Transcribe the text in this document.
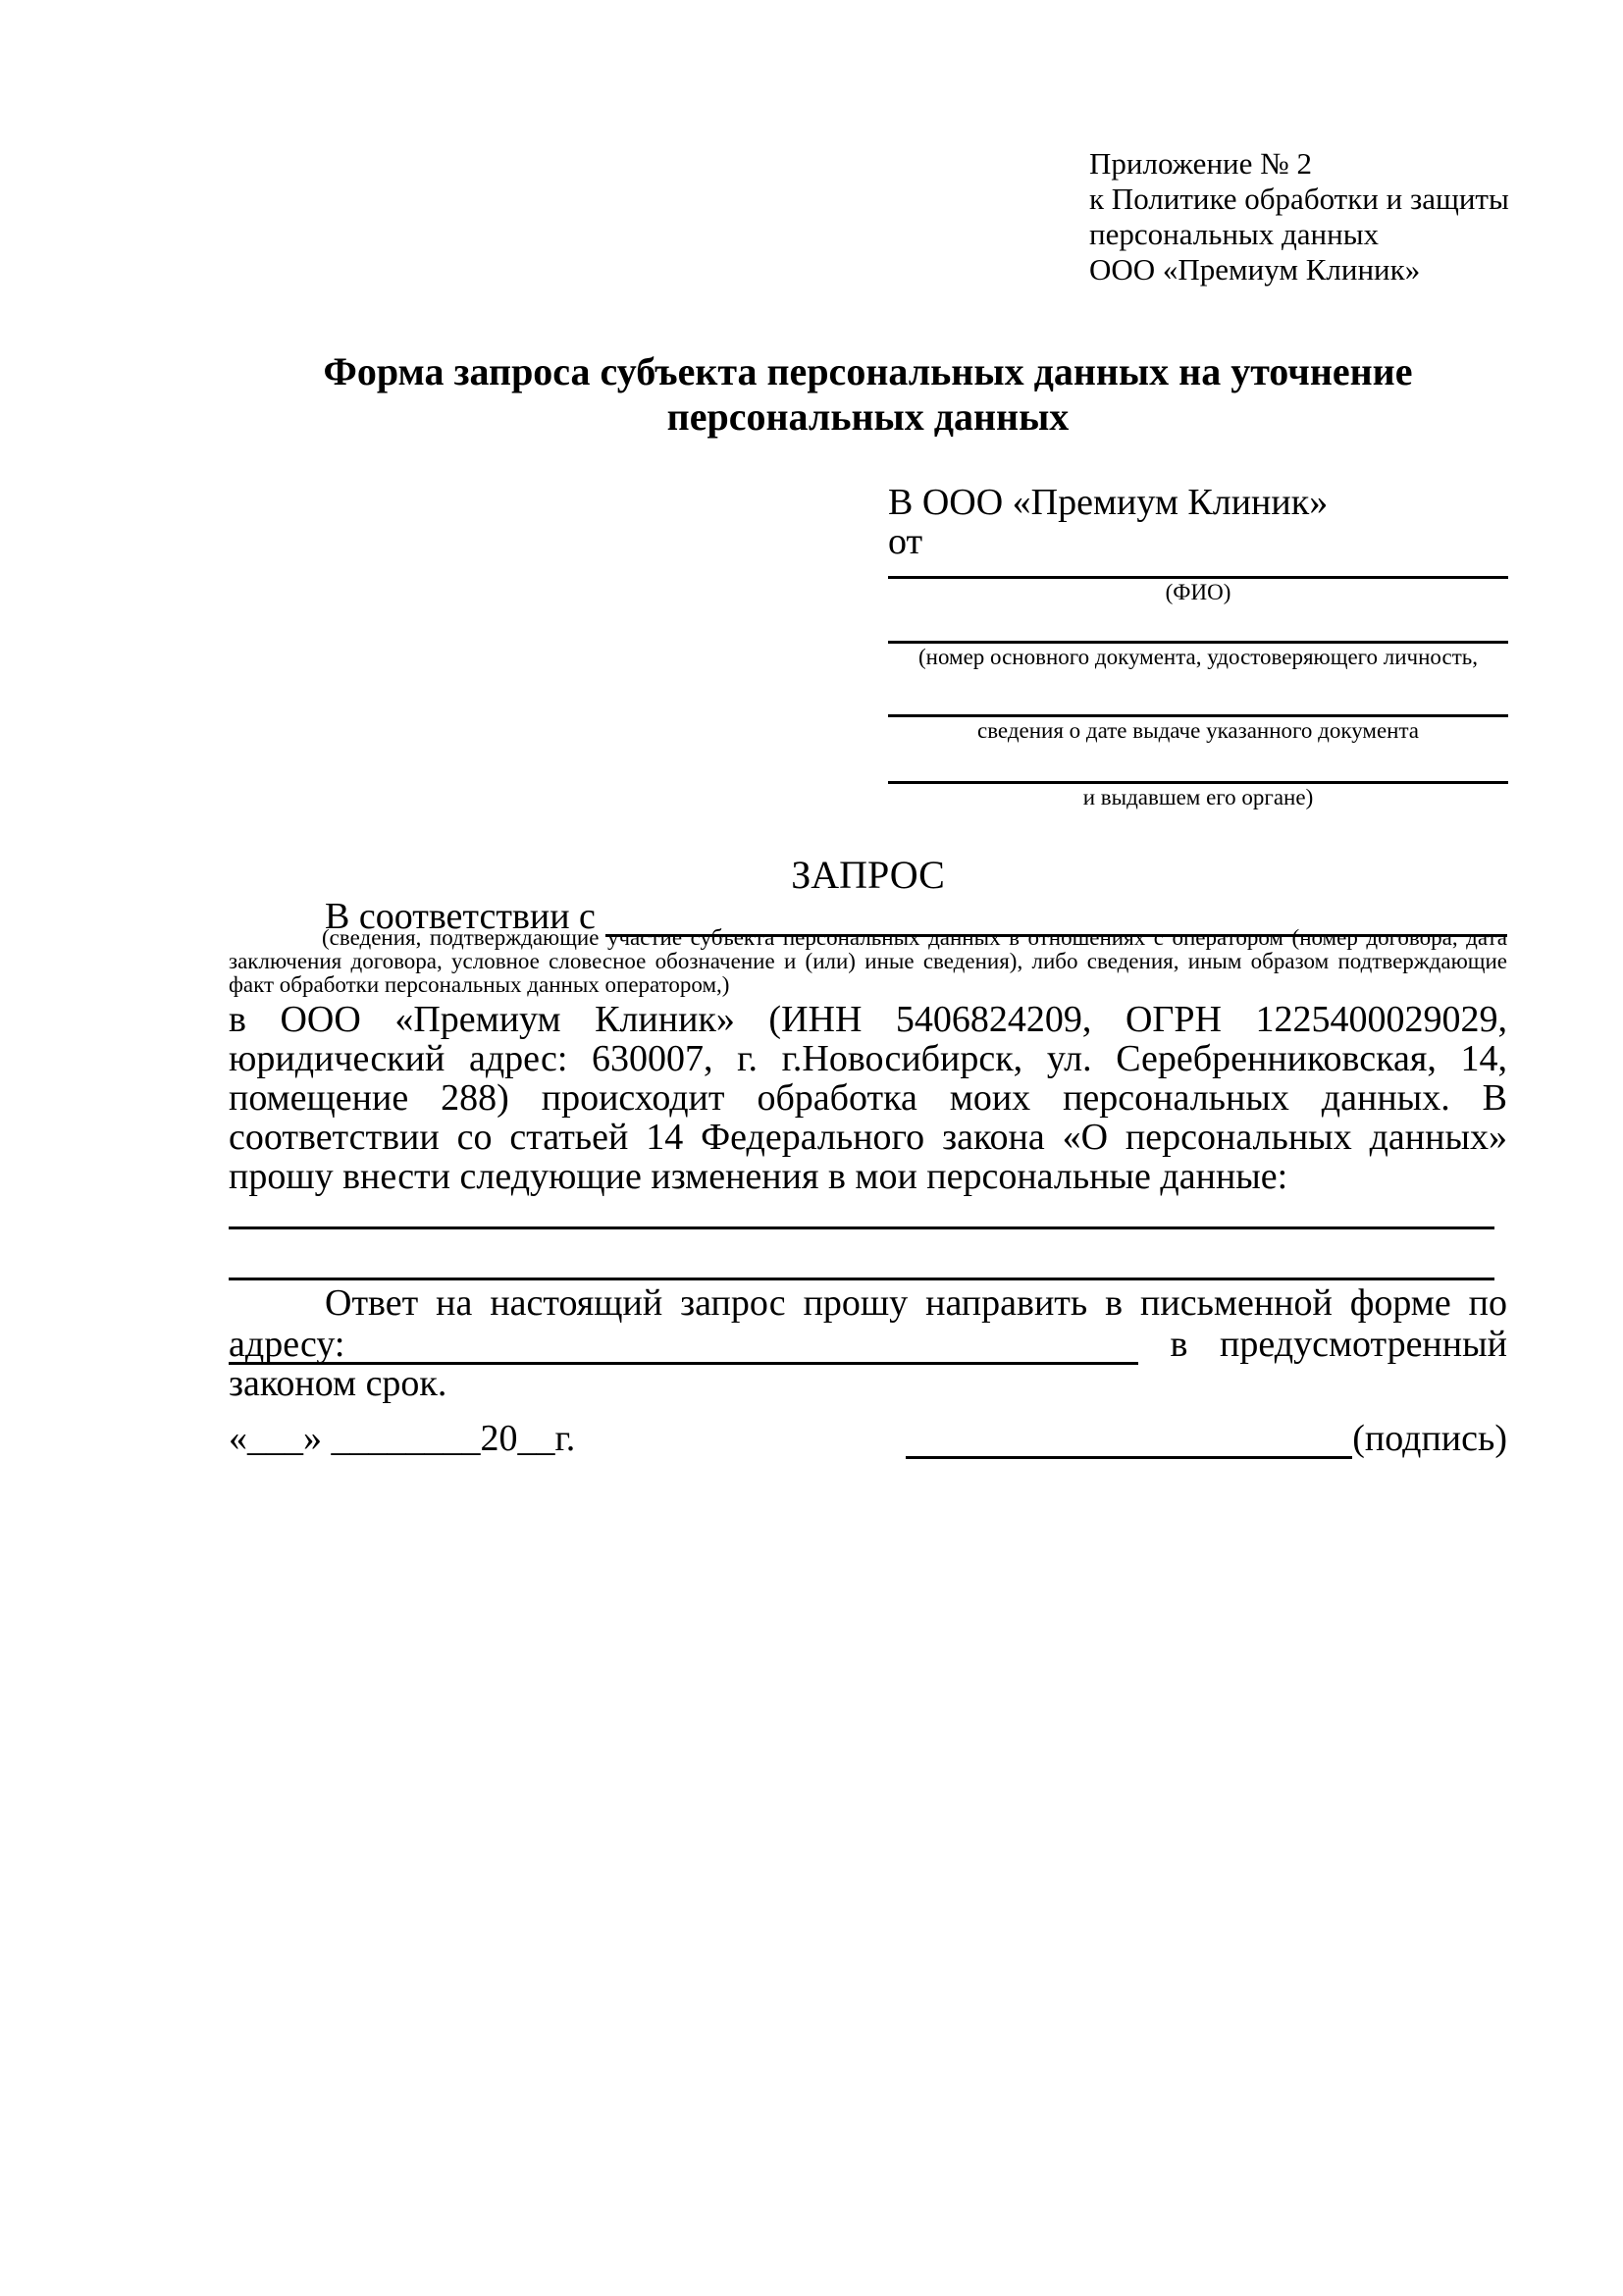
Приложение № 2
к Политике обработки и защиты
персональных данных
ООО «Премиум Клиник»
Форма запроса субъекта персональных данных на уточнение персональных данных
В ООО «Премиум Клиник»
от
(ФИО)
(номер основного документа, удостоверяющего личность,
сведения о дате выдаче указанного документа
и выдавшем его органе)
ЗАПРОС
В соответствии с
(сведения, подтверждающие участие субъекта персональных данных в отношениях с оператором (номер договора, дата заключения договора, условное словесное обозначение и (или) иные сведения), либо сведения, иным образом подтверждающие факт обработки персональных данных оператором,)
в ООО «Премиум Клиник» (ИНН 5406824209, ОГРН 1225400029029, юридический адрес: 630007, г. г.Новосибирск, ул. Серебренниковская, 14, помещение 288) происходит обработка моих персональных данных. В соответствии со статьей 14 Федерального закона «О персональных данных» прошу внести следующие изменения в мои персональные данные:
Ответ на настоящий запрос прошу направить в письменной форме по адресу:	в предусмотренный
законом срок.
«___» ________20__г.	(подпись)
